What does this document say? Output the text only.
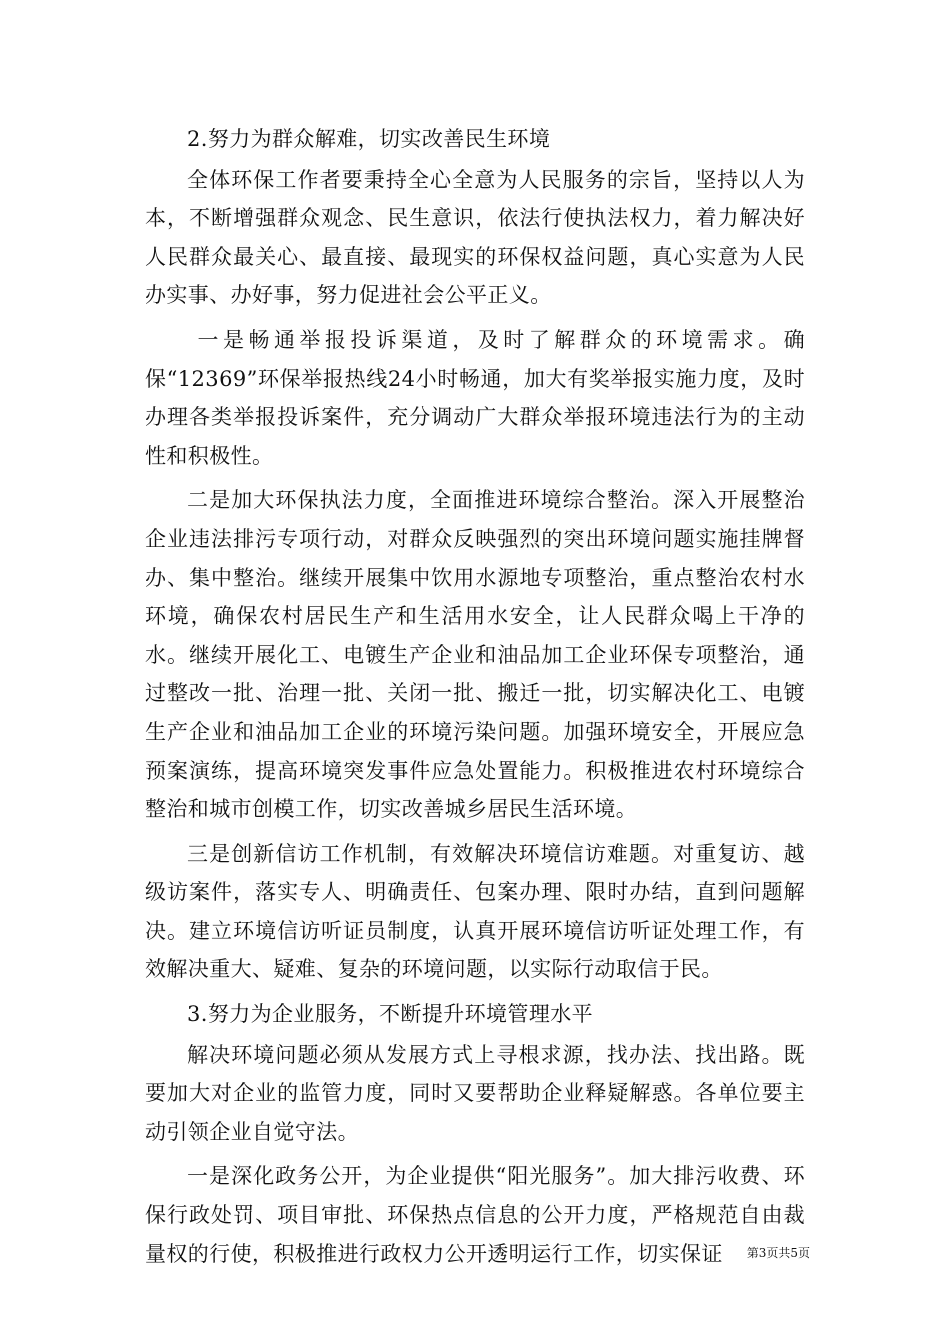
2.努力为群众解难，切实改善民生环境

全体环保工作者要秉持全心全意为人民服务的宗旨，坚持以人为本，不断增强群众观念、民生意识，依法行使执法权力，着力解决好人民群众最关心、最直接、最现实的环保权益问题，真心实意为人民办实事、办好事，努力促进社会公平正义。

一是畅通举报投诉渠道，及时了解群众的环境需求。确保“12369”环保举报热线24小时畅通，加大有奖举报实施力度，及时办理各类举报投诉案件，充分调动广大群众举报环境违法行为的主动性和积极性。

二是加大环保执法力度，全面推进环境综合整治。深入开展整治企业违法排污专项行动，对群众反映强烈的突出环境问题实施挂牌督办、集中整治。继续开展集中饮用水源地专项整治，重点整治农村水环境，确保农村居民生产和生活用水安全，让人民群众喝上干净的水。继续开展化工、电镀生产企业和油品加工企业环保专项整治，通过整改一批、治理一批、关闭一批、搬迁一批，切实解决化工、电镀生产企业和油品加工企业的环境污染问题。加强环境安全，开展应急预案演练，提高环境突发事件应急处置能力。积极推进农村环境综合整治和城市创模工作，切实改善城乡居民生活环境。

三是创新信访工作机制，有效解决环境信访难题。对重复访、越级访案件，落实专人、明确责任、包案办理、限时办结，直到问题解决。建立环境信访听证员制度，认真开展环境信访听证处理工作，有效解决重大、疑难、复杂的环境问题，以实际行动取信于民。

3.努力为企业服务，不断提升环境管理水平

解决环境问题必须从发展方式上寻根求源，找办法、找出路。既要加大对企业的监管力度，同时又要帮助企业释疑解惑。各单位要主动引领企业自觉守法。

一是深化政务公开，为企业提供“阳光服务”。加大排污收费、环保行政处罚、项目审批、环保热点信息的公开力度，严格规范自由裁量权的行使，积极推进行政权力公开透明运行工作，切实保证	第3页共5页
